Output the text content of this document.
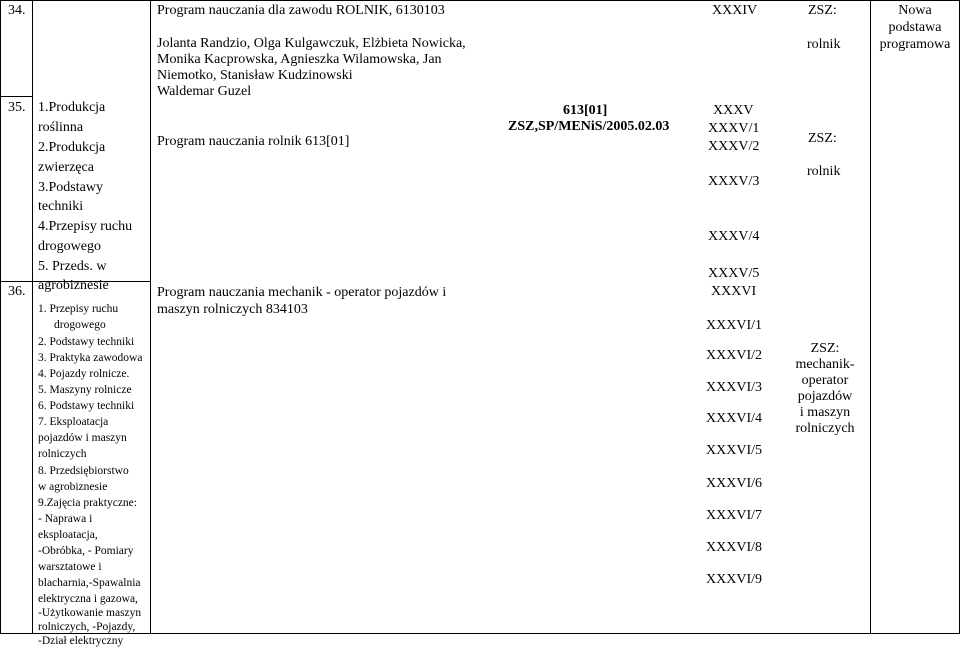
34.	Program nauczania dla zawodu ROLNIK, 6130103
Jolanta Randzio, Olga Kulgawczuk, Elżbieta Nowicka,
Monika Kacprowska, Agnieszka Wilamowska, Jan
Niemotko, Stanisław Kudzinowski
Waldemar Guzel
Program nauczania rolnik 613[01]
613[01]
ZSZ,SP/MENiS/2005.02.03
XXXIV	ZSZ:
rolnik
Nowa
podstawa
programowa
35. 1.Produkcja
roślinna
2.Produkcja
zwierzęca
3.Podstawy
techniki
4.Przepisy ruchu
drogowego
5. Przeds. w
agrobiznesie
XXXV
XXXV/1
XXXV/2
XXXV/3
XXXV/4
XXXV/5
ZSZ:
rolnik
36.
1. Przepisy ruchu
drogowego
2. Podstawy techniki
3. Praktyka zawodowa
4. Pojazdy rolnicze.
5. Maszyny rolnicze
6. Podstawy techniki
7. Eksploatacja
pojazdów i maszyn
rolniczych
8. Przedsiębiorstwo
w agrobiznesie
9.Zajęcia praktyczne:
- Naprawa i
eksploatacja,
-Obróbka, - Pomiary
warsztatowe i
blacharnia,-Spawalnia
elektryczna i gazowa,
-Użytkowanie maszyn
rolniczych, -Pojazdy,
-Dział elektryczny
Program nauczania mechanik - operator pojazdów i
maszyn rolniczych 834103
XXXVI
XXXVI/1
XXXVI/2
XXXVI/3
XXXVI/4
XXXVI/5
XXXVI/6
XXXVI/7
XXXVI/8
XXXVI/9
ZSZ:
mechanik-
operator
pojazdów
i maszyn
rolniczych
